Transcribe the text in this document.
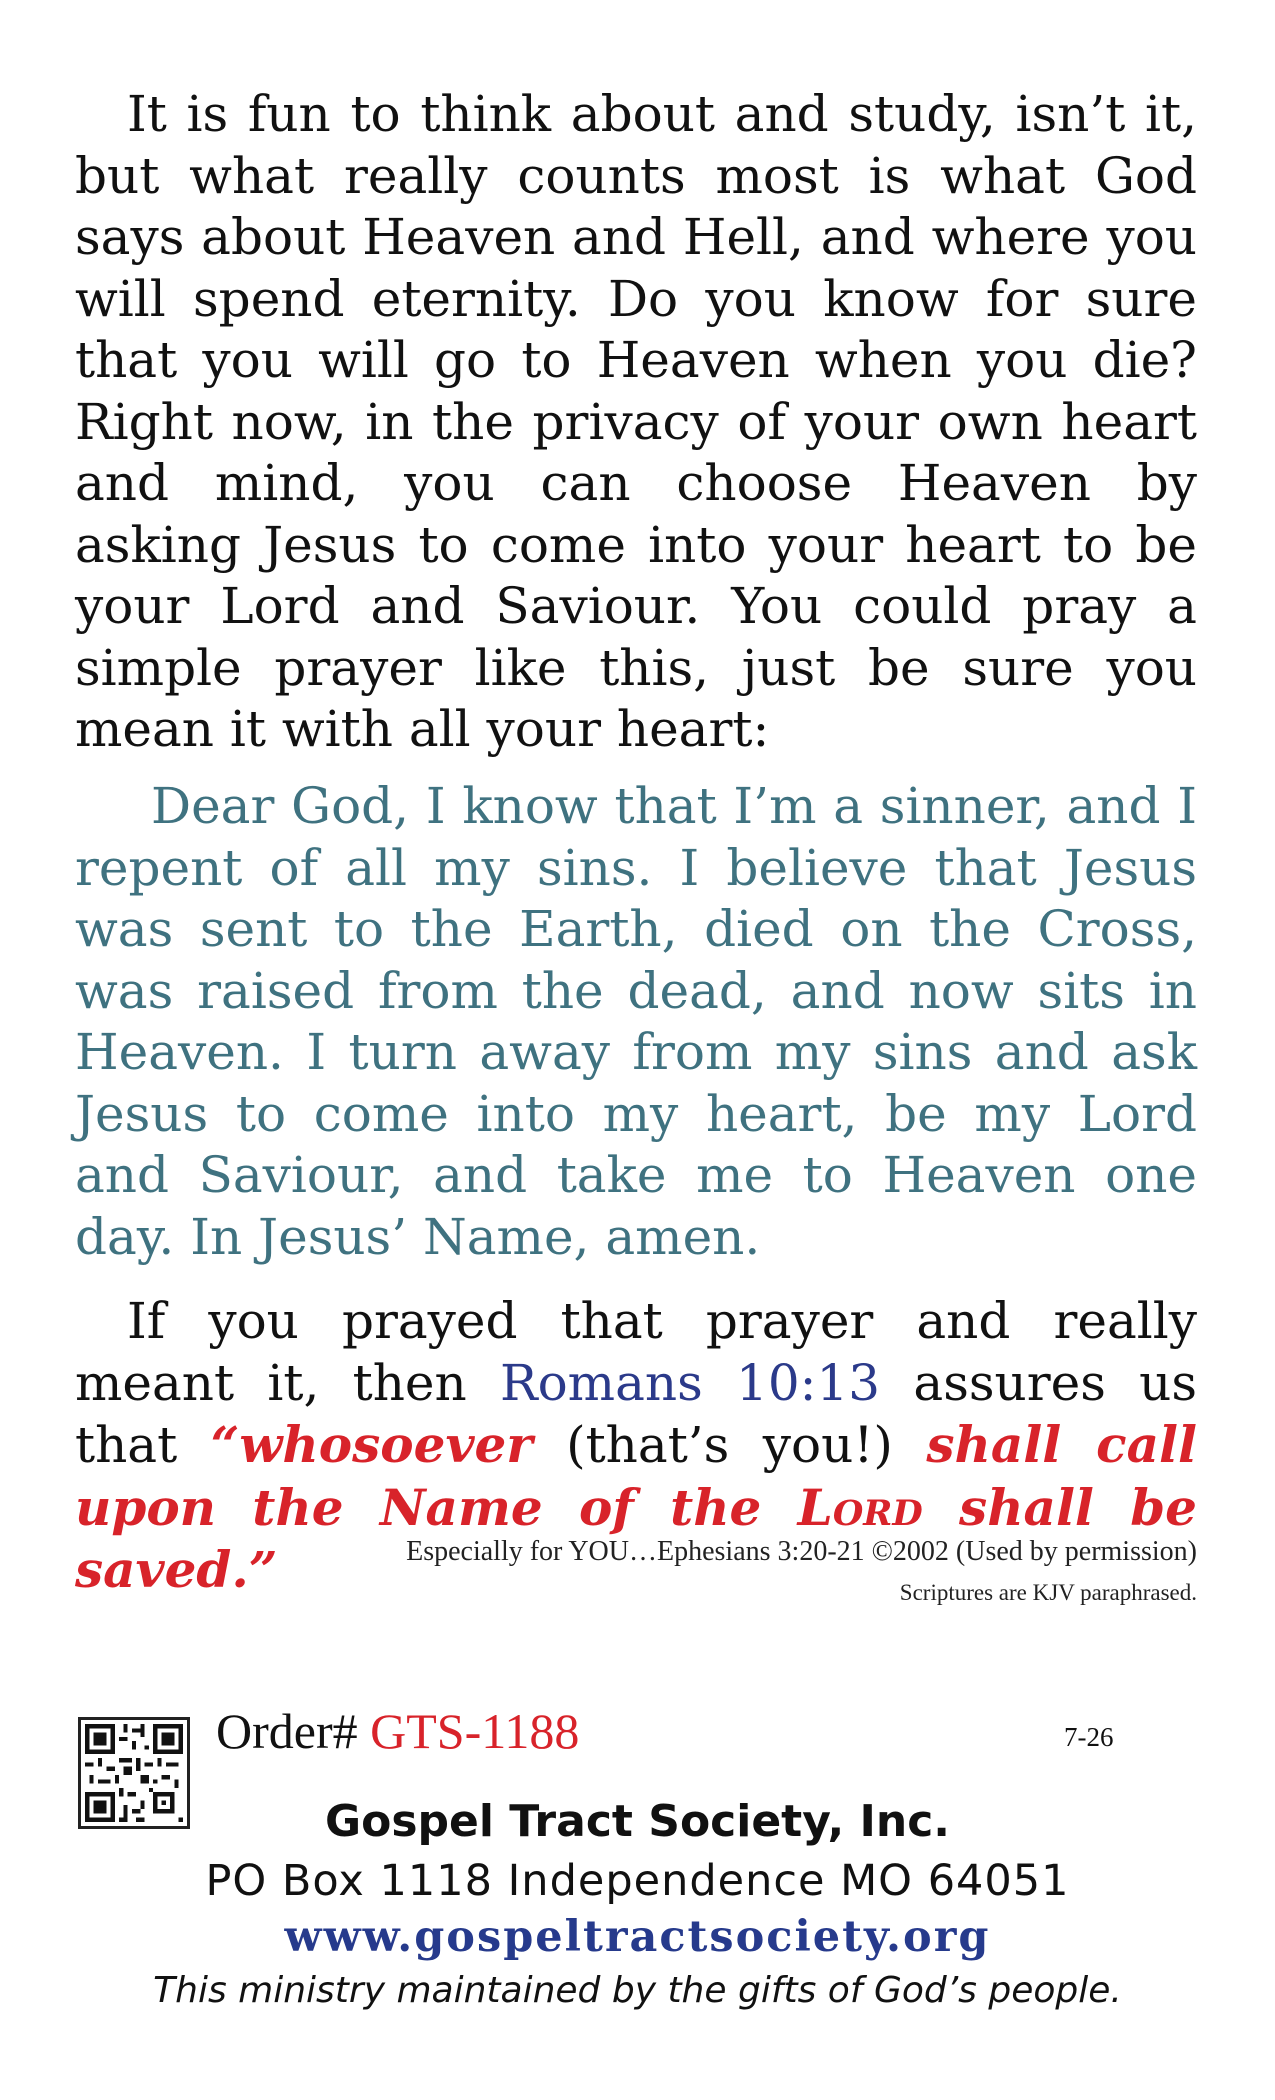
It is fun to think about and study, isn’t it, but what really counts most is what God says about Heaven and Hell, and where you will spend eternity. Do you know for sure that you will go to Heaven when you die? Right now, in the privacy of your own heart and mind, you can choose Heaven by asking Jesus to come into your heart to be your Lord and Saviour. You could pray a simple prayer like this, just be sure you mean it with all your heart:

Dear God, I know that I’m a sinner, and I repent of all my sins. I believe that Jesus was sent to the Earth, died on the Cross, was raised from the dead, and now sits in Heaven. I turn away from my sins and ask Jesus to come into my heart, be my Lord and Saviour, and take me to Heaven one day. In Jesus’ Name, amen.

If you prayed that prayer and really meant it, then Romans 10:13 assures us that “whosoever (that’s you!) shall call upon the Name of the Lord shall be saved.”	Especially for YOU…Ephesians 3:20-21 ©2002 (Used by permission)

Scriptures are KJV paraphrased.

Order# GTS-1188	7-26

Gospel Tract Society, Inc.

PO Box 1118 Independence MO 64051

www.gospeltractsociety.org

This ministry maintained by the gifts of God’s people.
